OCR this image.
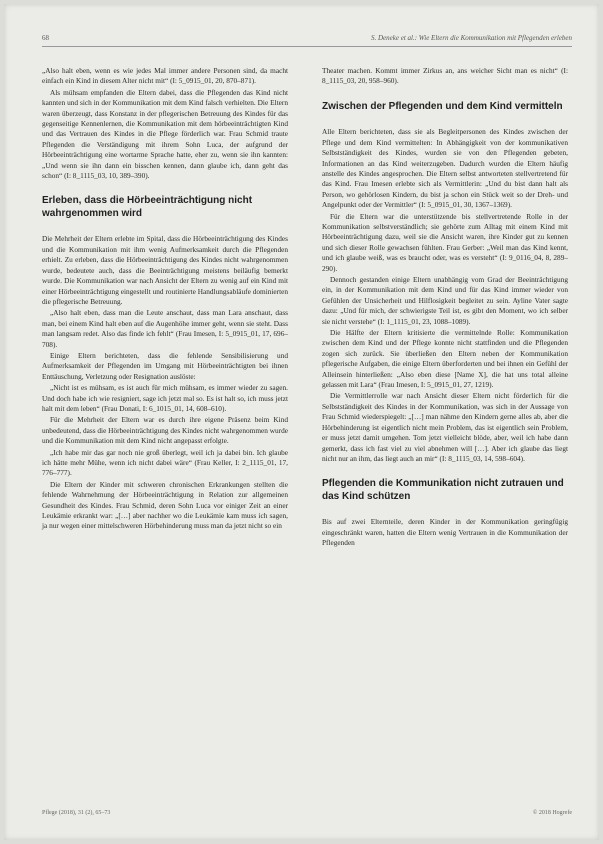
68	S. Deneke et al.: Wie Eltern die Kommunikation mit Pflegenden erleben

„Also halt eben, wenn es wie jedes Mal immer andere Personen sind, da macht einfach ein Kind in diesem Alter nicht mit“ (I: 5_0915_01, 20, 870–871).

Als mühsam empfanden die Eltern dabei, dass die Pflegenden das Kind nicht kannten und sich in der Kommunikation mit dem Kind falsch verhielten. Die Eltern waren überzeugt, dass Konstanz in der pflegerischen Betreuung des Kindes für das gegenseitige Kennenlernen, die Kommunikation mit dem hörbeeinträchtigten Kind und das Vertrauen des Kindes in die Pflege förderlich war. Frau Schmid traute Pflegenden die Verständigung mit ihrem Sohn Luca, der aufgrund der Hörbeeinträchtigung eine wortarme Sprache hatte, eher zu, wenn sie ihn kannten: „Und wenn sie ihn dann ein bisschen kennen, dann glaube ich, dann geht das schon“ (I: 8_1115_03, 10, 389–390).

Erleben, dass die Hörbeeinträchtigung nicht wahrgenommen wird

Die Mehrheit der Eltern erlebte im Spital, dass die Hörbeeinträchtigung des Kindes und die Kommunikation mit ihm wenig Aufmerksamkeit durch die Pflegenden erhielt. Zu erleben, dass die Hörbeeinträchtigung des Kindes nicht wahrgenommen wurde, bedeutete auch, dass die Beeinträchtigung meistens beiläufig bemerkt wurde. Die Kommunikation war nach Ansicht der Eltern zu wenig auf ein Kind mit einer Hörbeeinträchtigung eingestellt und routinierte Handlungsabläufe dominierten die pflegerische Betreuung.

„Also halt eben, dass man die Leute anschaut, dass man Lara anschaut, dass man, bei einem Kind halt eben auf die Augenhöhe immer geht, wenn sie steht. Dass man langsam redet. Also das finde ich fehlt“ (Frau Imesen, I: 5_0915_01, 17, 696–708).

Einige Eltern berichteten, dass die fehlende Sensibilisierung und Aufmerksamkeit der Pflegenden im Umgang mit Hörbeeinträchtigten bei ihnen Enttäuschung, Verletzung oder Resignation auslöste:

„Nicht ist es mühsam, es ist auch für mich mühsam, es immer wieder zu sagen. Und doch habe ich wie resigniert, sage ich jetzt mal so. Es ist halt so, ich muss jetzt halt mit dem leben“ (Frau Donati, I: 6_1015_01, 14, 608–610).

Für die Mehrheit der Eltern war es durch ihre eigene Präsenz beim Kind unbedeutend, dass die Hörbeeinträchtigung des Kindes nicht wahrgenommen wurde und die Kommunikation mit dem Kind nicht angepasst erfolgte.

„Ich habe mir das gar noch nie groß überlegt, weil ich ja dabei bin. Ich glaube ich hätte mehr Mühe, wenn ich nicht dabei wäre“ (Frau Keller, I: 2_1115_01, 17, 776–777).

Die Eltern der Kinder mit schweren chronischen Erkrankungen stellten die fehlende Wahrnehmung der Hörbeeinträchtigung in Relation zur allgemeinen Gesundheit des Kindes. Frau Schmid, deren Sohn Luca vor einiger Zeit an einer Leukämie erkrankt war: „[…] aber nachher wo die Leukämie kam muss ich sagen, ja nur wegen einer mittelschweren Hörbehinderung muss man da jetzt nicht so ein

Theater machen. Kommt immer Zirkus an, ans weicher Sicht man es nicht“ (I: 8_1115_03, 20, 958–960).

Zwischen der Pflegenden und dem Kind vermitteln

Alle Eltern berichteten, dass sie als Begleitpersonen des Kindes zwischen der Pflege und dem Kind vermittelten: In Abhängigkeit von der kommunikativen Selbstständigkeit des Kindes, wurden sie von den Pflegenden gebeten, Informationen an das Kind weiterzugeben. Dadurch wurden die Eltern häufig anstelle des Kindes angesprochen. Die Eltern selbst antworteten stellvertretend für das Kind. Frau Imesen erlebte sich als Vermittlerin: „Und du bist dann halt als Person, wo gehörlosen Kindern, du bist ja schon ein Stück weit so der Dreh- und Angelpunkt oder der Vermittler“ (I: 5_0915_01, 30, 1367–1369).

Für die Eltern war die unterstützende bis stellvertretende Rolle in der Kommunikation selbstverständlich; sie gehörte zum Alltag mit einem Kind mit Hörbeeinträchtigung dazu, weil sie die Ansicht waren, ihre Kinder gut zu kennen und sich dieser Rolle gewachsen fühlten. Frau Gerber: „Weil man das Kind kennt, und ich glaube weiß, was es braucht oder, was es versteht“ (I: 9_0116_04, 8, 289–290).

Dennoch gestanden einige Eltern unabhängig vom Grad der Beeinträchtigung ein, in der Kommunikation mit dem Kind und für das Kind immer wieder von Gefühlen der Unsicherheit und Hilflosigkeit begleitet zu sein. Ayline Vater sagte dazu: „Und für mich, der schwierigste Teil ist, es gibt den Moment, wo ich selber sie nicht verstehe“ (I: 1_1115_01, 23, 1088–1089).

Die Hälfte der Eltern kritisierte die vermittelnde Rolle: Kommunikation zwischen dem Kind und der Pflege konnte nicht stattfinden und die Pflegenden zogen sich zurück. Sie überließen den Eltern neben der Kommunikation pflegerische Aufgaben, die einige Eltern überforderten und bei ihnen ein Gefühl der Alleinsein hinterließen: „Also eben diese [Name X], die hat uns total alleine gelassen mit Lara“ (Frau Imesen, I: 5_0915_01, 27, 1219).

Die Vermittlerrolle war nach Ansicht dieser Eltern nicht förderlich für die Selbstständigkeit des Kindes in der Kommunikation, was sich in der Aussage von Frau Schmid wiederspiegelt: „[…] man nähme den Kindern gerne alles ab, aber die Hörbehinderung ist eigentlich nicht mein Problem, das ist eigentlich sein Problem, er muss jetzt damit umgehen. Tom jetzt vielleicht blöde, aber, weil ich habe dann gemerkt, dass ich fast viel zu viel abnehmen will […]. Aber ich glaube das liegt nicht nur an ihm, das liegt auch an mir“ (I: 8_1115_03, 14, 598–604).

Pflegenden die Kommunikation nicht zutrauen und das Kind schützen

Bis auf zwei Elternteile, deren Kinder in der Kommunikation geringfügig eingeschränkt waren, hatten die Eltern wenig Vertrauen in die Kommunikation der Pflegenden

Pflege (2018), 31 (2), 65–73	© 2018 Hogrefe
